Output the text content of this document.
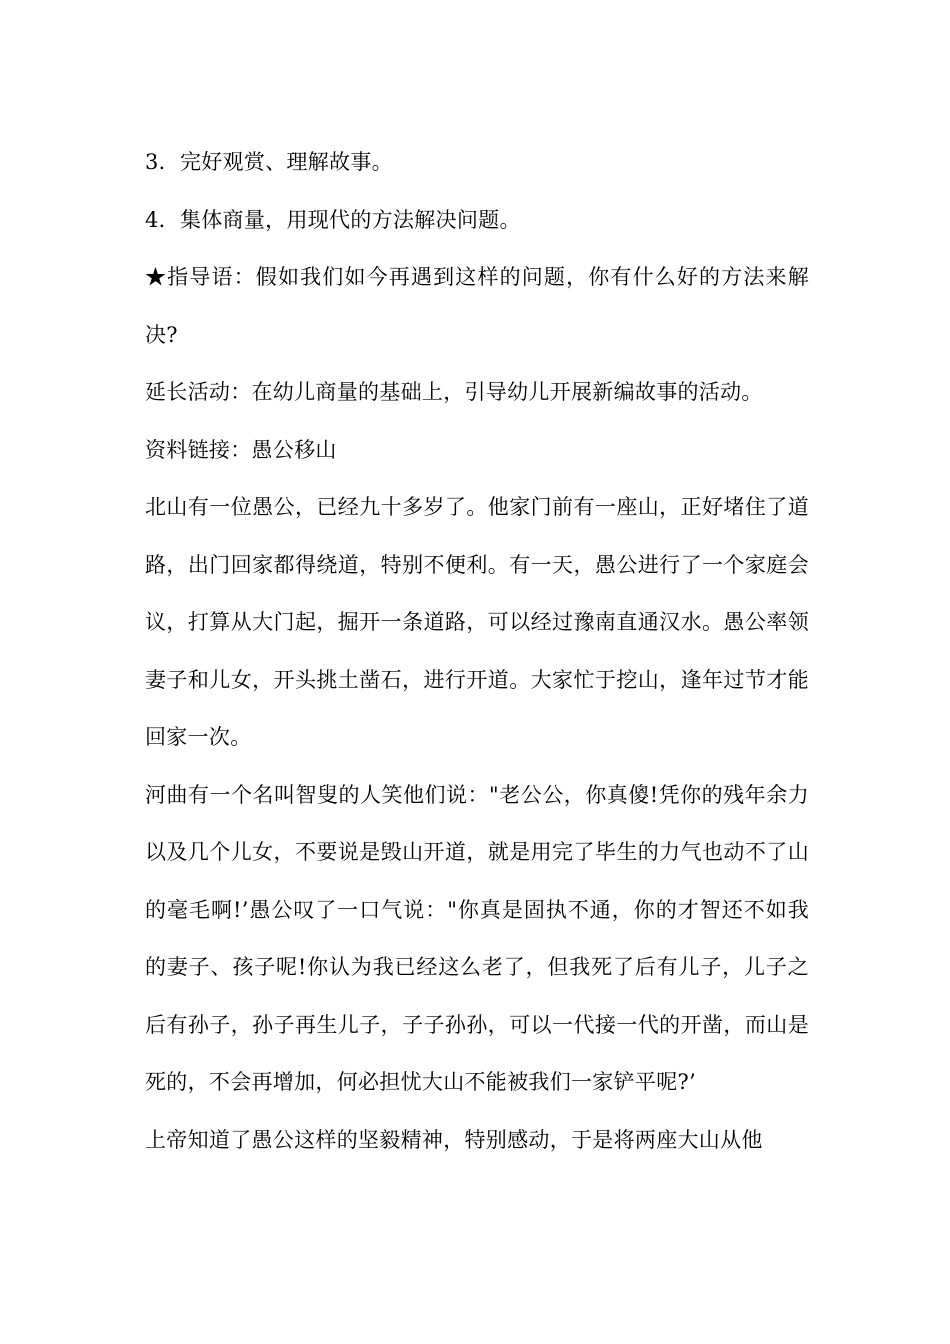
3．完好观赏、理解故事。

4．集体商量，用现代的方法解决问题。

★指导语：假如我们如今再遇到这样的问题，你有什么好的方法来解决?

延长活动：在幼儿商量的基础上，引导幼儿开展新编故事的活动。

资料链接：愚公移山

北山有一位愚公，已经九十多岁了。他家门前有一座山，正好堵住了道路，出门回家都得绕道，特别不便利。有一天，愚公进行了一个家庭会议，打算从大门起，掘开一条道路，可以经过豫南直通汉水。愚公率领妻子和儿女，开头挑土凿石，进行开道。大家忙于挖山，逢年过节才能回家一次。

河曲有一个名叫智叟的人笑他们说："老公公，你真傻!凭你的残年余力以及几个儿女，不要说是毁山开道，就是用完了毕生的力气也动不了山的毫毛啊!’愚公叹了一口气说："你真是固执不通，你的才智还不如我的妻子、孩子呢!你认为我已经这么老了，但我死了后有儿子，儿子之后有孙子，孙子再生儿子，子子孙孙，可以一代接一代的开凿，而山是死的，不会再增加，何必担忧大山不能被我们一家铲平呢?’

上帝知道了愚公这样的坚毅精神，特别感动，于是将两座大山从他
